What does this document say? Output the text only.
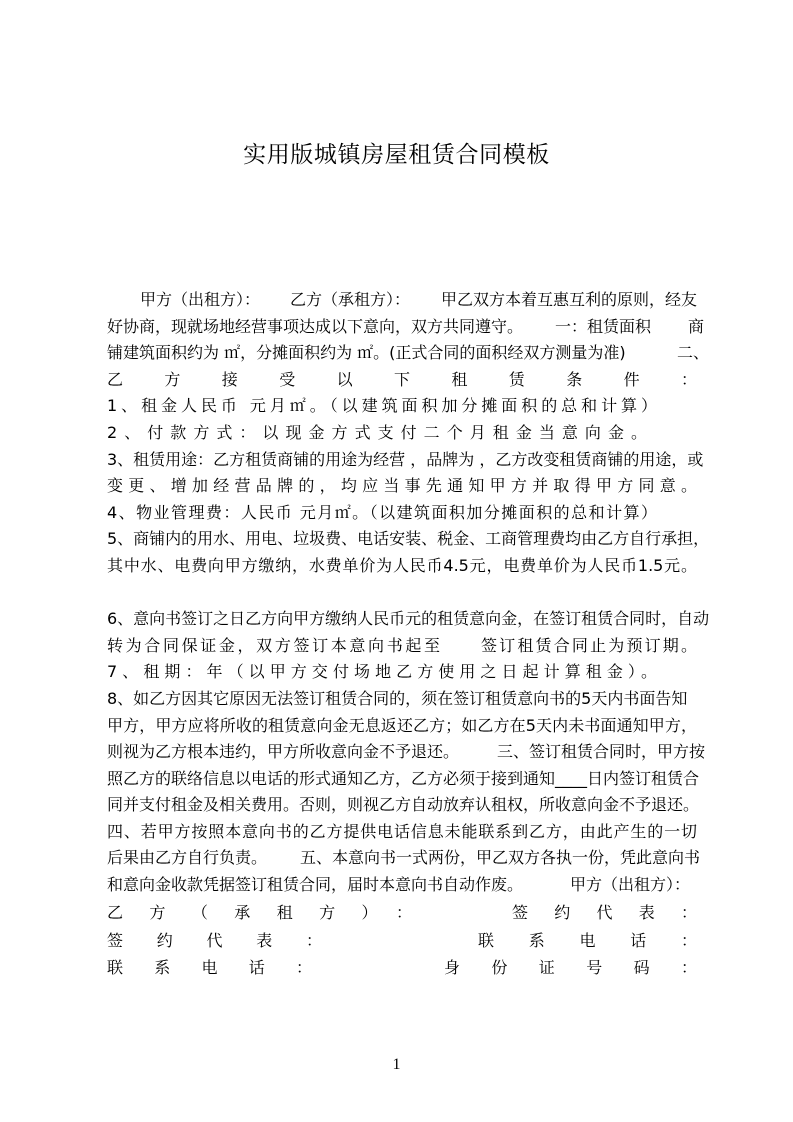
实用版城镇房屋租赁合同模板
甲方（出租方）： 乙方（承租方）： 甲乙双方本着互惠互利的原则，经友
好协商，现就场地经营事项达成以下意向，双方共同遵守。 一：租赁面积 商
铺建筑面积约为 ㎡，分摊面积约为 ㎡。(正式合同的面积经双方测量为准)	二、
乙方接受以下租赁条件：
1、租金人民币 元月㎡。（以建筑面积加分摊面积的总和计算）
2、付款方式：以现金方式支付二个月租金当意向金。
3、租赁用途：乙方租赁商铺的用途为经营 ，品牌为 ，乙方改变租赁商铺的用途，或
变更、增加经营品牌的，均应当事先通知甲方并取得甲方同意。
4、物业管理费：人民币 元月㎡。（以建筑面积加分摊面积的总和计算）
5、商铺内的用水、用电、垃圾费、电话安装、税金、工商管理费均由乙方自行承担，
其中水、电费向甲方缴纳，水费单价为人民币4.5元，电费单价为人民币1.5元。
6、意向书签订之日乙方向甲方缴纳人民币元的租赁意向金，在签订租赁合同时，自动
转为合同保证金，双方签订本意向书起至	签订租赁合同止为预订期。
7、租期：年（以甲方交付场地乙方使用之日起计算租金）。
8、如乙方因其它原因无法签订租赁合同的，须在签订租赁意向书的5天内书面告知
甲方，甲方应将所收的租赁意向金无息返还乙方；如乙方在5天内未书面通知甲方，
则视为乙方根本违约，甲方所收意向金不予退还。 三、签订租赁合同时，甲方按
照乙方的联络信息以电话的形式通知乙方，乙方必须于接到通知____日内签订租赁合
同并支付租金及相关费用。否则，则视乙方自动放弃认租权，所收意向金不予退还。
四、若甲方按照本意向书的乙方提供电话信息未能联系到乙方，由此产生的一切
后果由乙方自行负责。 五、本意向书一式两份，甲乙双方各执一份，凭此意向书
和意向金收款凭据签订租赁合同，届时本意向书自动作废。	甲方（出租方）：
乙方（承租方）：	签约代表：
签约代表：	联系电话：
联系电话：	身份证号码：
1
